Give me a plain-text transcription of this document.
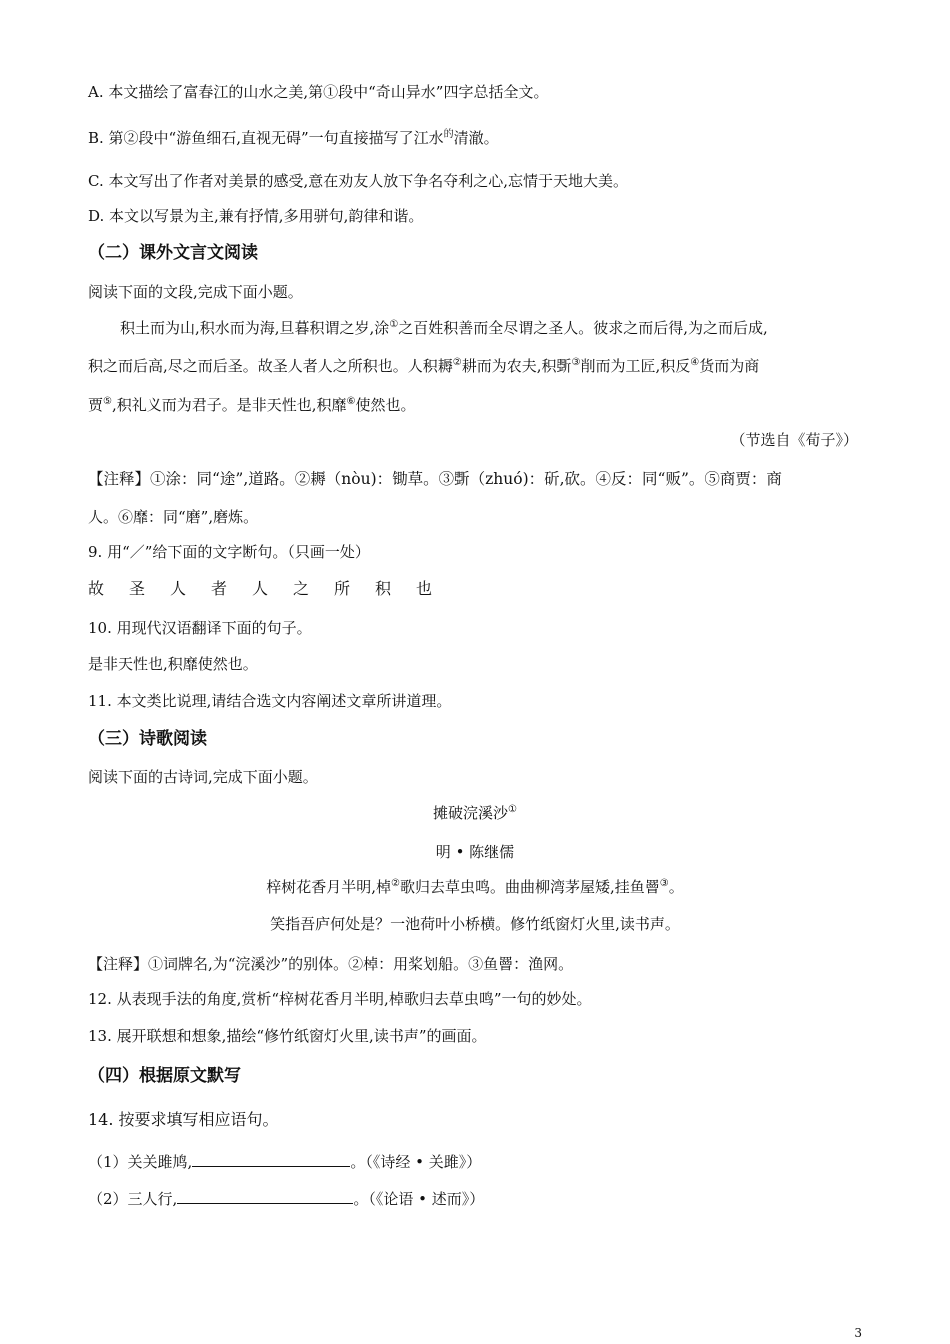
A. 本文描绘了富春江的山水之美,第①段中“奇山异水”四字总括全文。
B. 第②段中“游鱼细石,直视无碍”一句直接描写了江水$^的$清澈。
C. 本文写出了作者对美景的感受,意在劝友人放下争名夺利之心,忘情于天地大美。
D. 本文以写景为主,兼有抒情,多用骈句,韵律和谐。
（二）课外文言文阅读
阅读下面的文段,完成下面小题。
积土而为山,积水而为海,旦暮积谓之岁,涂①之百姓积善而全尽谓之圣人。彼求之而后得,为之而后成,
积之而后高,尽之而后圣。故圣人者人之所积也。人积耨②耕而为农夫,积斲③削而为工匠,积反④货而为商
贾⑤,积礼义而为君子。是非天性也,积靡⑥使然也。
（节选自《荀子》）
【注释】①涂：同“途”,道路。②耨（nòu)：锄草。③斲（zhuó)：斫,砍。④反：同“贩”。⑤商贾：商
人。⑥靡：同“磨”,磨炼。
9. 用“／”给下面的文字断句。（只画一处）
故	圣	人	者	人	之	所	积	也
10. 用现代汉语翻译下面的句子。
是非天性也,积靡使然也。
11. 本文类比说理,请结合选文内容阐述文章所讲道理。
（三）诗歌阅读
阅读下面的古诗词,完成下面小题。
摊破浣溪沙①
明 • 陈继儒
梓树花香月半明,棹②歌归去草虫鸣。曲曲柳湾茅屋矮,挂鱼罾③。
笑指吾庐何处是？一池荷叶小桥横。修竹纸窗灯火里,读书声。
【注释】①词牌名,为“浣溪沙”的别体。②棹：用桨划船。③鱼罾：渔网。
12. 从表现手法的角度,赏析“梓树花香月半明,棹歌归去草虫鸣”一句的妙处。
13. 展开联想和想象,描绘“修竹纸窗灯火里,读书声”的画面。
（四）根据原文默写
14. 按要求填写相应语句。
（1）关关雎鸠,	。（《诗经 • 关雎》）
（2）三人行,	。（《论语 • 述而》）
3
